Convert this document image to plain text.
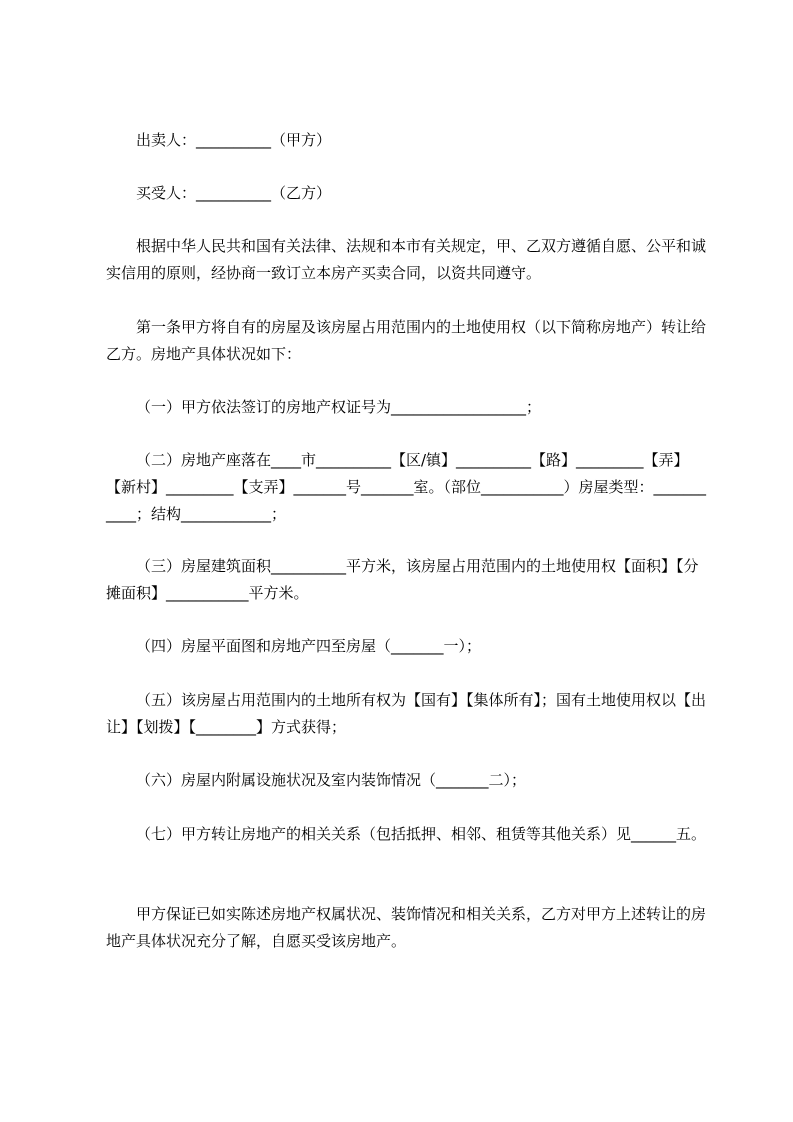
出卖人：__________（甲方）

买受人：__________（乙方）

根据中华人民共和国有关法律、法规和本市有关规定，甲、乙双方遵循自愿、公平和诚实信用的原则，经协商一致订立本房产买卖合同，以资共同遵守。

第一条甲方将自有的房屋及该房屋占用范围内的土地使用权（以下简称房地产）转让给乙方。房地产具体状况如下：

（一）甲方依法签订的房地产权证号为__________________；

（二）房地产座落在____市__________【区/镇】__________【路】_________【弄】【新村】_________【支弄】_______号_______室。（部位___________）房屋类型：___________；结构____________；

（三）房屋建筑面积__________平方米，该房屋占用范围内的土地使用权【面积】【分摊面积】___________平方米。

（四）房屋平面图和房地产四至房屋（_______一）；

（五）该房屋占用范围内的土地所有权为【国有】【集体所有】；国有土地使用权以【出让】【划拨】【________】方式获得；

（六）房屋内附属设施状况及室内装饰情况（_______二）；

（七）甲方转让房地产的相关关系（包括抵押、相邻、租赁等其他关系）见______五。

甲方保证已如实陈述房地产权属状况、装饰情况和相关关系，乙方对甲方上述转让的房地产具体状况充分了解，自愿买受该房地产。
